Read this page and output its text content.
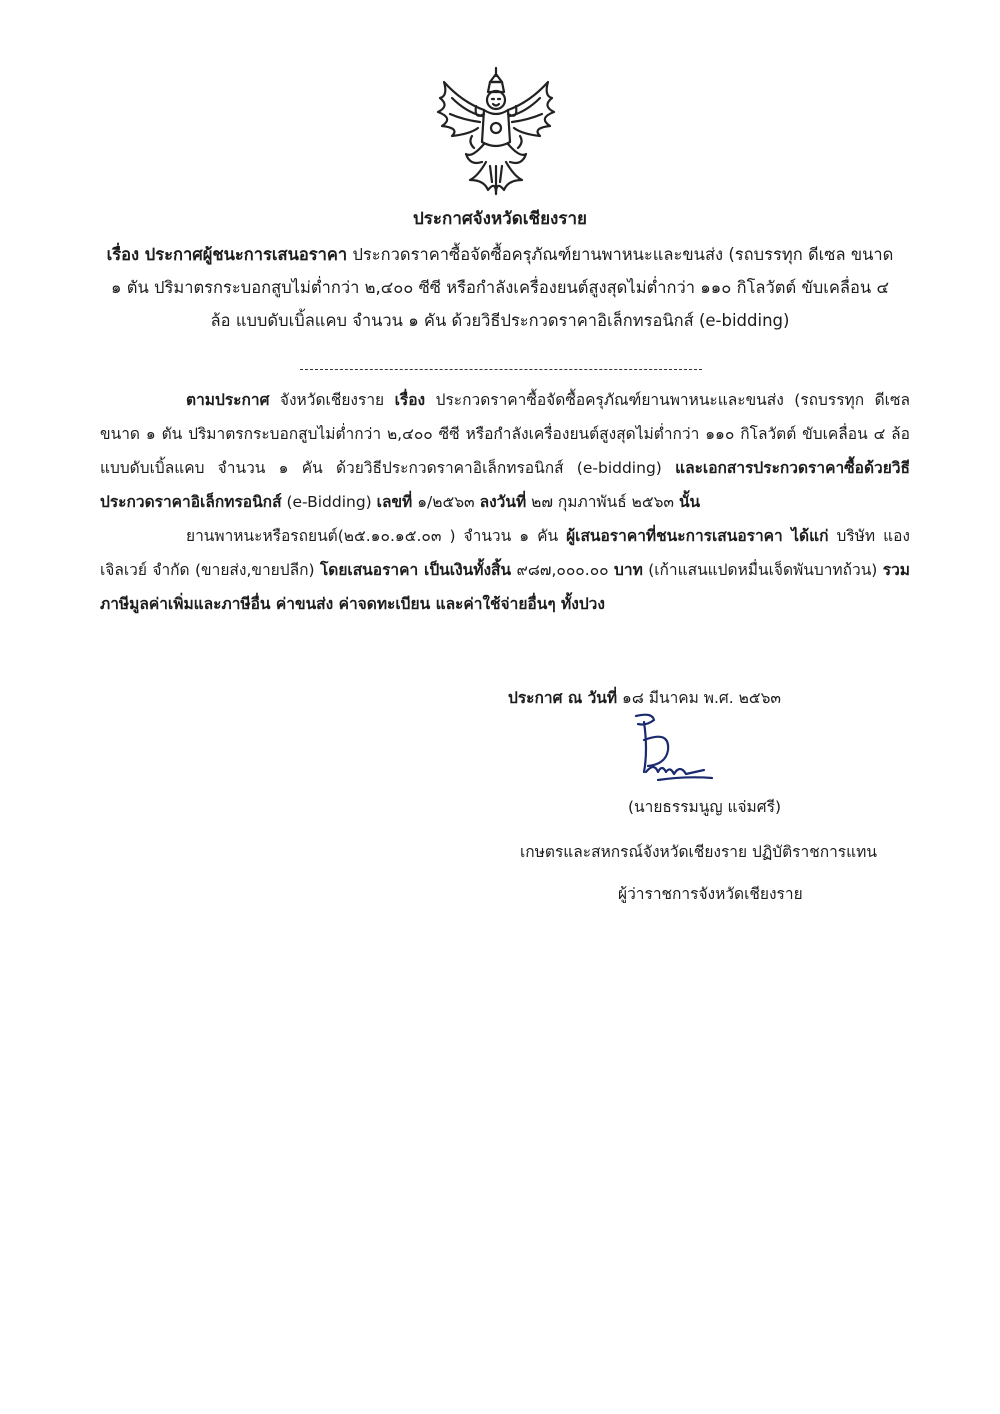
ประกาศจังหวัดเชียงราย
เรื่อง ประกาศผู้ชนะการเสนอราคา ประกวดราคาซื้อจัดซื้อครุภัณฑ์ยานพาหนะและขนส่ง (รถบรรทุก ดีเซล ขนาด ๑ ตัน ปริมาตรกระบอกสูบไม่ต่ำกว่า ๒,๔๐๐ ซีซี หรือกำลังเครื่องยนต์สูงสุดไม่ต่ำกว่า ๑๑๐ กิโลวัตต์ ขับเคลื่อน ๔ ล้อ แบบดับเบิ้ลแคบ จำนวน ๑ คัน ด้วยวิธีประกวดราคาอิเล็กทรอนิกส์ (e-bidding)

ตามประกาศ จังหวัดเชียงราย เรื่อง ประกวดราคาซื้อจัดซื้อครุภัณฑ์ยานพาหนะและขนส่ง (รถบรรทุก ดีเซล ขนาด ๑ ตัน ปริมาตรกระบอกสูบไม่ต่ำกว่า ๒,๔๐๐ ซีซี หรือกำลังเครื่องยนต์สูงสุดไม่ต่ำกว่า ๑๑๐ กิโลวัตต์ ขับเคลื่อน ๔ ล้อ แบบดับเบิ้ลแคบ จำนวน ๑ คัน ด้วยวิธีประกวดราคาอิเล็กทรอนิกส์ (e-bidding) และเอกสารประกวดราคาซื้อด้วยวิธีประกวดราคาอิเล็กทรอนิกส์ (e-Bidding) เลขที่ ๑/๒๕๖๓ ลงวันที่ ๒๗ กุมภาพันธ์ ๒๕๖๓ นั้น

ยานพาหนะหรือรถยนต์(๒๕.๑๐.๑๕.๐๓ ) จำนวน ๑ คัน ผู้เสนอราคาที่ชนะการเสนอราคา ได้แก่ บริษัท แองเจิลเวย์ จำกัด (ขายส่ง,ขายปลีก) โดยเสนอราคา เป็นเงินทั้งสิ้น ๙๘๗,๐๐๐.๐๐ บาท (เก้าแสนแปดหมื่นเจ็ดพันบาทถ้วน) รวมภาษีมูลค่าเพิ่มและภาษีอื่น ค่าขนส่ง ค่าจดทะเบียน และค่าใช้จ่ายอื่นๆ ทั้งปวง

ประกาศ ณ วันที่ ๑๘ มีนาคม พ.ศ. ๒๕๖๓
(นายธรรมนูญ แจ่มศรี)
เกษตรและสหกรณ์จังหวัดเชียงราย ปฏิบัติราชการแทน
ผู้ว่าราชการจังหวัดเชียงราย
